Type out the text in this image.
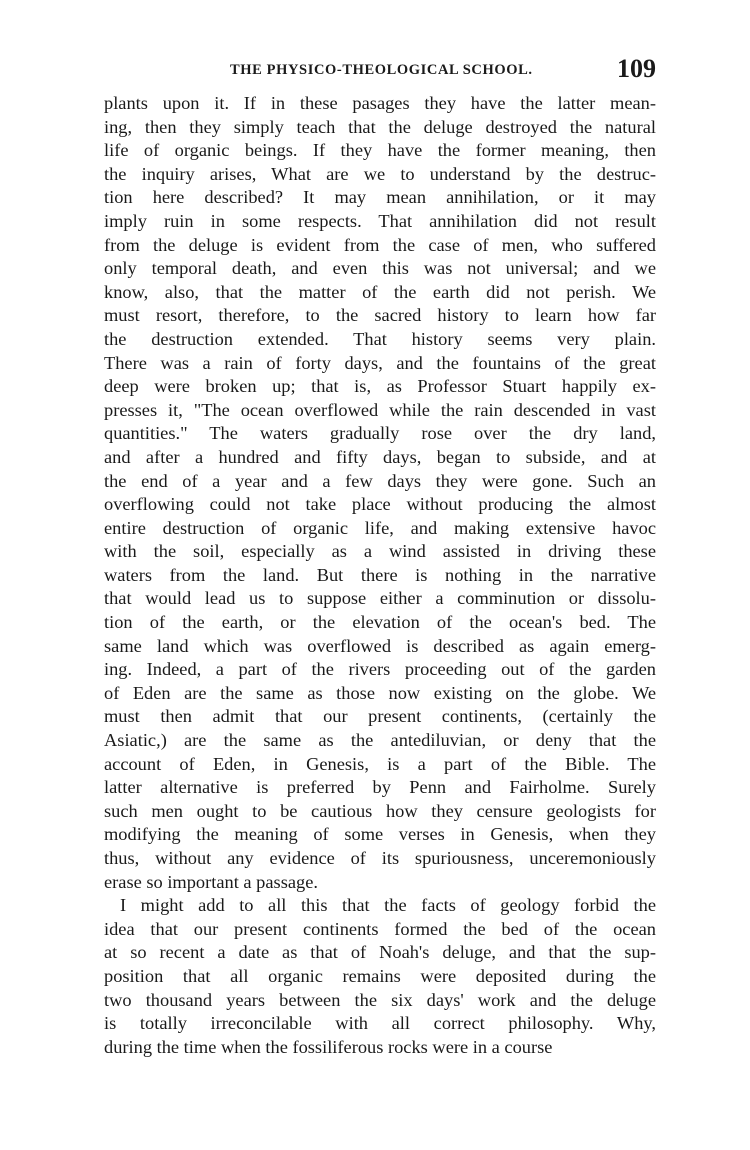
THE PHYSICO-THEOLOGICAL SCHOOL.	109
plants upon it. If in these pasages they have the latter mean-
ing, then they simply teach that the deluge destroyed the natural
life of organic beings. If they have the former meaning, then
the inquiry arises, What are we to understand by the destruc-
tion here described? It may mean annihilation, or it may
imply ruin in some respects. That annihilation did not result
from the deluge is evident from the case of men, who suffered
only temporal death, and even this was not universal; and we
know, also, that the matter of the earth did not perish. We
must resort, therefore, to the sacred history to learn how far
the destruction extended. That history seems very plain.
There was a rain of forty days, and the fountains of the great
deep were broken up; that is, as Professor Stuart happily ex-
presses it, "The ocean overflowed while the rain descended in vast
quantities." The waters gradually rose over the dry land,
and after a hundred and fifty days, began to subside, and at
the end of a year and a few days they were gone. Such an
overflowing could not take place without producing the almost
entire destruction of organic life, and making extensive havoc
with the soil, especially as a wind assisted in driving these
waters from the land. But there is nothing in the narrative
that would lead us to suppose either a comminution or dissolu-
tion of the earth, or the elevation of the ocean's bed. The
same land which was overflowed is described as again emerg-
ing. Indeed, a part of the rivers proceeding out of the garden
of Eden are the same as those now existing on the globe. We
must then admit that our present continents, (certainly the
Asiatic,) are the same as the antediluvian, or deny that the
account of Eden, in Genesis, is a part of the Bible. The
latter alternative is preferred by Penn and Fairholme. Surely
such men ought to be cautious how they censure geologists for
modifying the meaning of some verses in Genesis, when they
thus, without any evidence of its spuriousness, unceremoniously
erase so important a passage.
I might add to all this that the facts of geology forbid the
idea that our present continents formed the bed of the ocean
at so recent a date as that of Noah's deluge, and that the sup-
position that all organic remains were deposited during the
two thousand years between the six days' work and the deluge
is totally irreconcilable with all correct philosophy. Why,
during the time when the fossiliferous rocks were in a course
